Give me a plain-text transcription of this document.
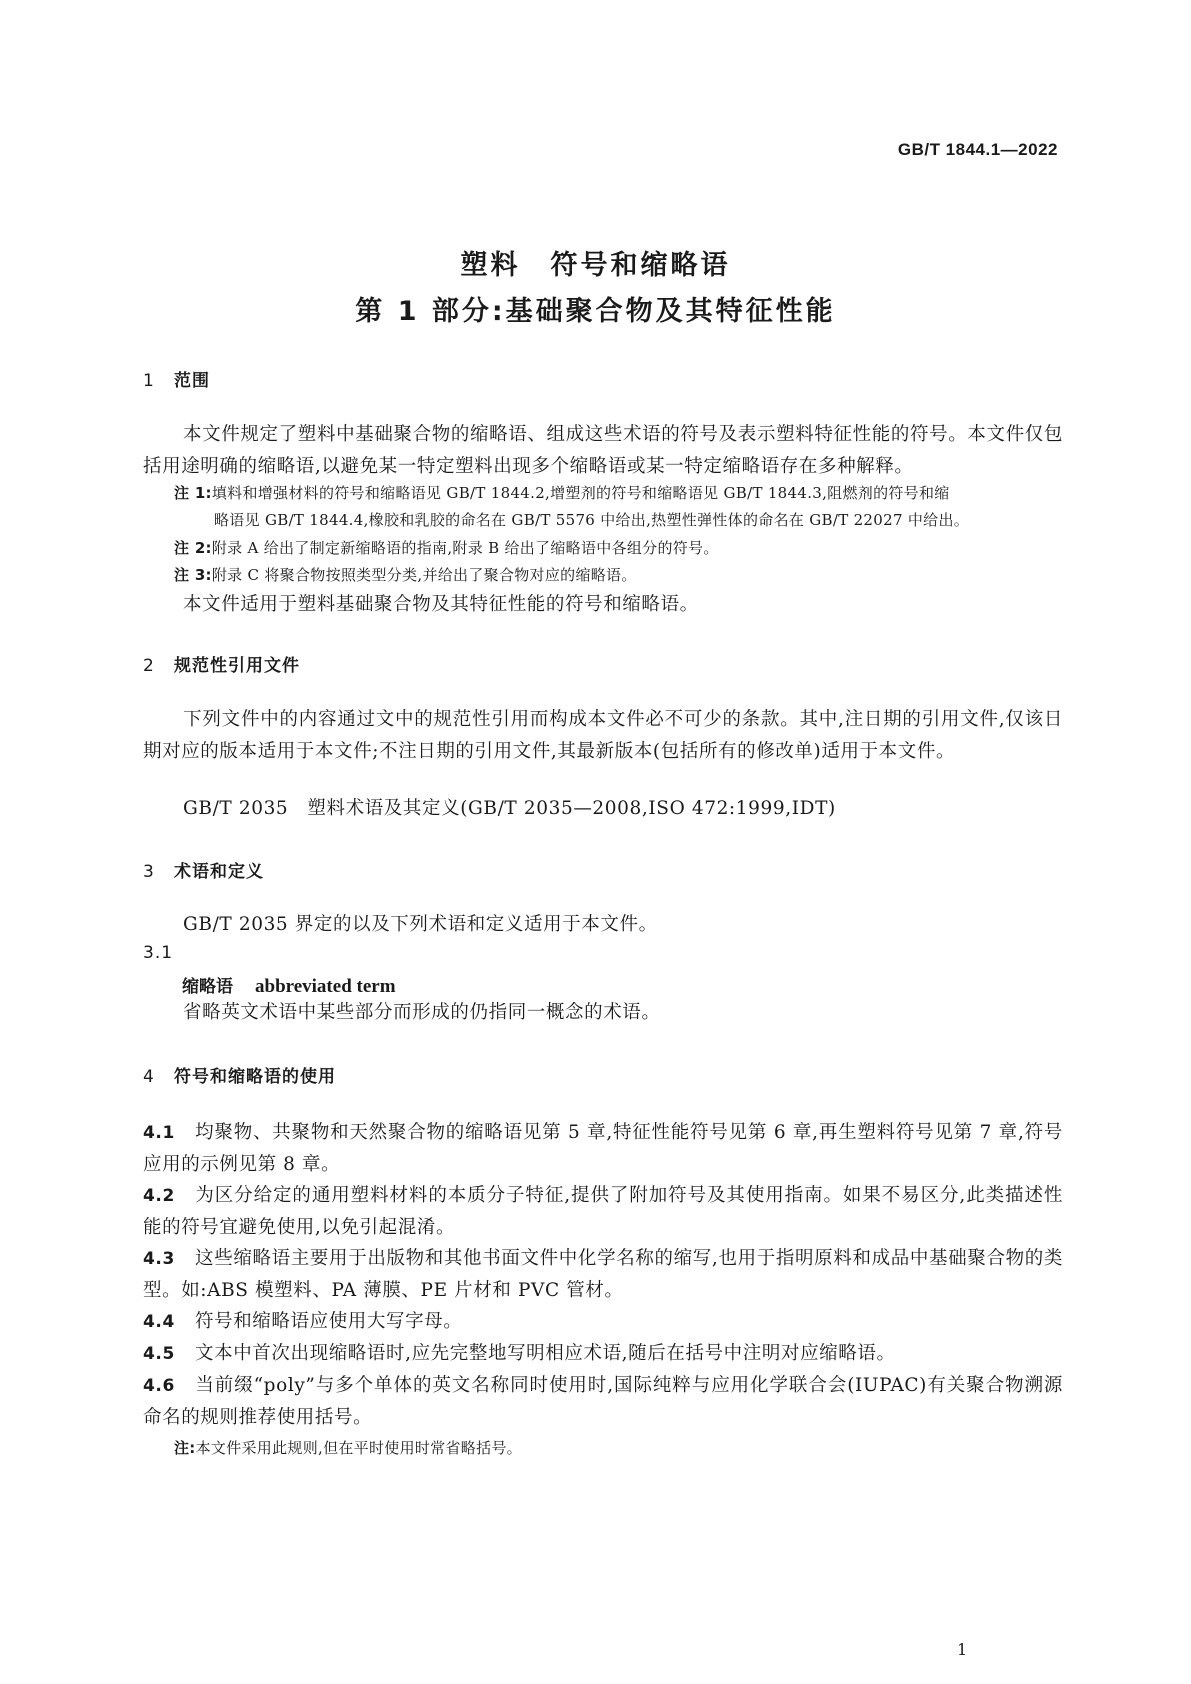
GB/T 1844.1—2022
塑料　符号和缩略语
第 1 部分:基础聚合物及其特征性能
1 范围
本文件规定了塑料中基础聚合物的缩略语、组成这些术语的符号及表示塑料特征性能的符号。本文件仅包括用途明确的缩略语,以避免某一特定塑料出现多个缩略语或某一特定缩略语存在多种解释。
注 1:填料和增强材料的符号和缩略语见 GB/T 1844.2,增塑剂的符号和缩略语见 GB/T 1844.3,阻燃剂的符号和缩
略语见 GB/T 1844.4,橡胶和乳胶的命名在 GB/T 5576 中给出,热塑性弹性体的命名在 GB/T 22027 中给出。
注 2:附录 A 给出了制定新缩略语的指南,附录 B 给出了缩略语中各组分的符号。
注 3:附录 C 将聚合物按照类型分类,并给出了聚合物对应的缩略语。
本文件适用于塑料基础聚合物及其特征性能的符号和缩略语。
2 规范性引用文件
下列文件中的内容通过文中的规范性引用而构成本文件必不可少的条款。其中,注日期的引用文件,仅该日期对应的版本适用于本文件;不注日期的引用文件,其最新版本(包括所有的修改单)适用于本文件。
GB/T 2035　塑料术语及其定义(GB/T 2035—2008,ISO 472:1999,IDT)
3 术语和定义
GB/T 2035 界定的以及下列术语和定义适用于本文件。
3.1
缩略语 abbreviated term
省略英文术语中某些部分而形成的仍指同一概念的术语。
4 符号和缩略语的使用
4.1 均聚物、共聚物和天然聚合物的缩略语见第 5 章,特征性能符号见第 6 章,再生塑料符号见第 7 章,符号应用的示例见第 8 章。
4.2 为区分给定的通用塑料材料的本质分子特征,提供了附加符号及其使用指南。如果不易区分,此类描述性能的符号宜避免使用,以免引起混淆。
4.3 这些缩略语主要用于出版物和其他书面文件中化学名称的缩写,也用于指明原料和成品中基础聚合物的类型。如:ABS 模塑料、PA 薄膜、PE 片材和 PVC 管材。
4.4 符号和缩略语应使用大写字母。
4.5 文本中首次出现缩略语时,应先完整地写明相应术语,随后在括号中注明对应缩略语。
4.6 当前缀“poly”与多个单体的英文名称同时使用时,国际纯粹与应用化学联合会(IUPAC)有关聚合物溯源命名的规则推荐使用括号。
注:本文件采用此规则,但在平时使用时常省略括号。
1
